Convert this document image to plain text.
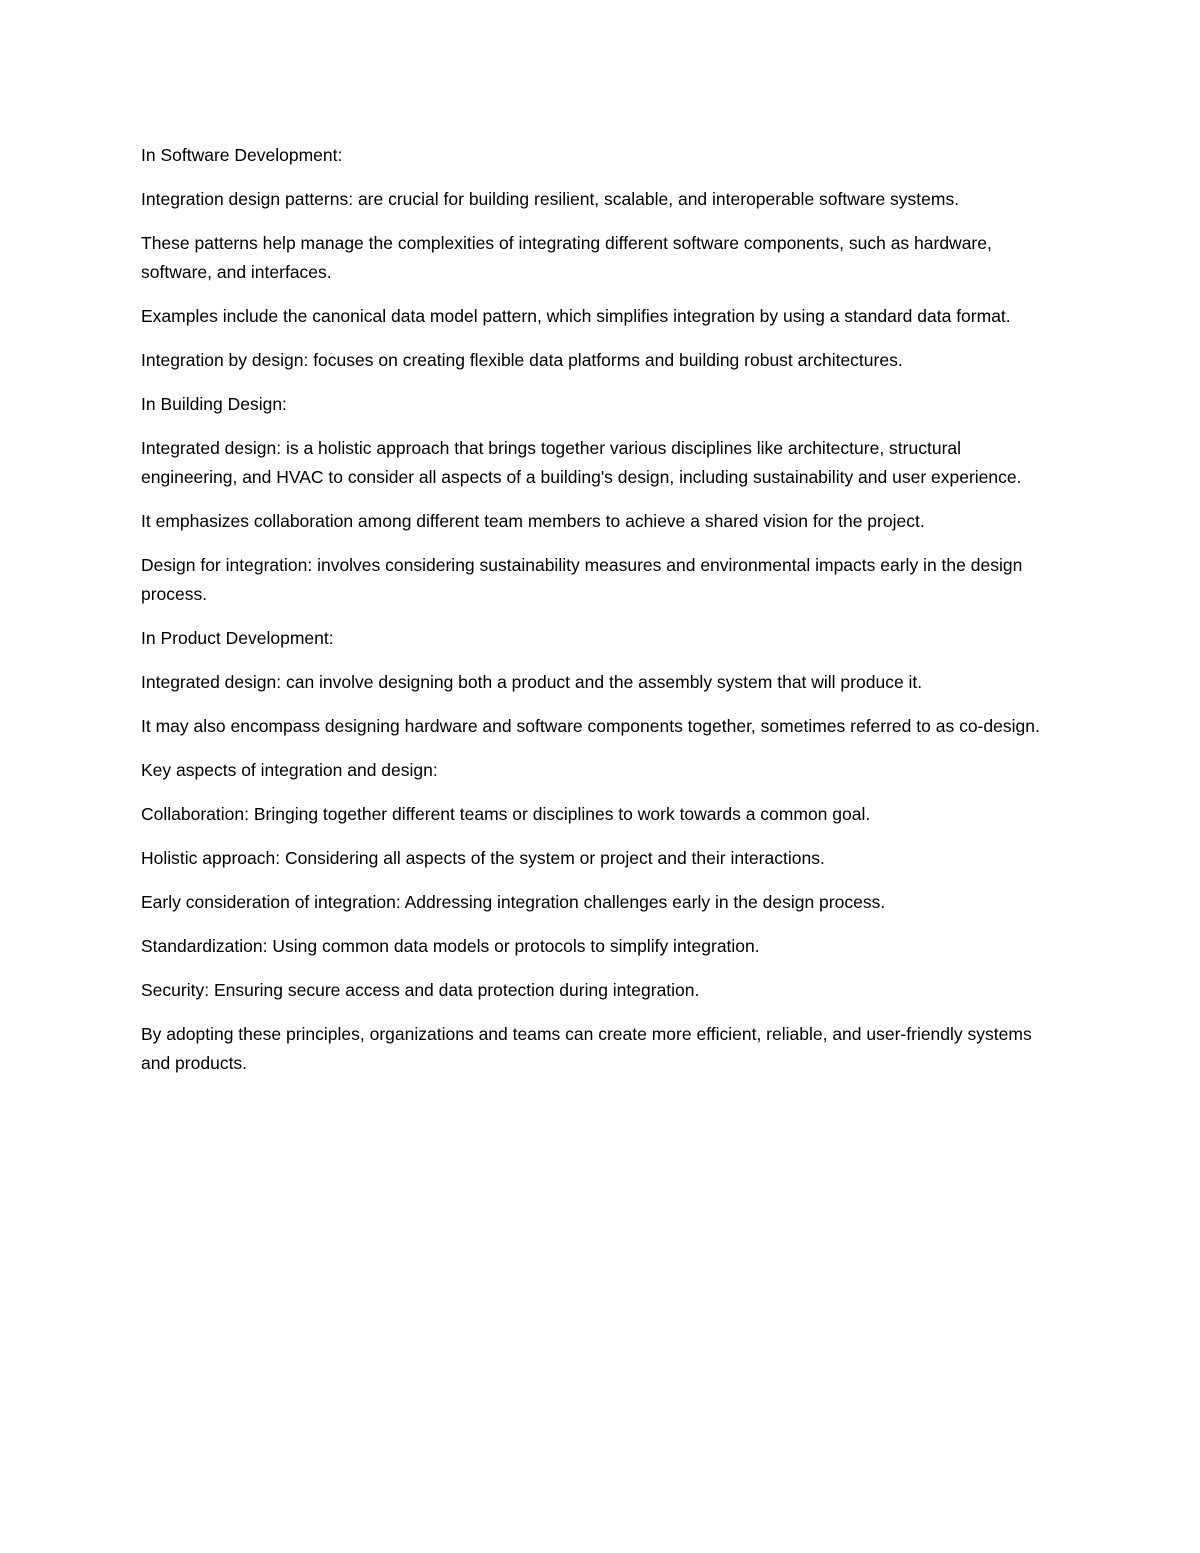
In Software Development:

Integration design patterns: are crucial for building resilient, scalable, and interoperable software systems.

These patterns help manage the complexities of integrating different software components, such as hardware, software, and interfaces.

Examples include the canonical data model pattern, which simplifies integration by using a standard data format.

Integration by design: focuses on creating flexible data platforms and building robust architectures.

In Building Design:

Integrated design: is a holistic approach that brings together various disciplines like architecture, structural engineering, and HVAC to consider all aspects of a building's design, including sustainability and user experience.

It emphasizes collaboration among different team members to achieve a shared vision for the project.

Design for integration: involves considering sustainability measures and environmental impacts early in the design process.

In Product Development:

Integrated design: can involve designing both a product and the assembly system that will produce it.

It may also encompass designing hardware and software components together, sometimes referred to as co-design.

Key aspects of integration and design:

Collaboration: Bringing together different teams or disciplines to work towards a common goal.

Holistic approach: Considering all aspects of the system or project and their interactions.

Early consideration of integration: Addressing integration challenges early in the design process.

Standardization: Using common data models or protocols to simplify integration.

Security: Ensuring secure access and data protection during integration.

By adopting these principles, organizations and teams can create more efficient, reliable, and user-friendly systems and products.
